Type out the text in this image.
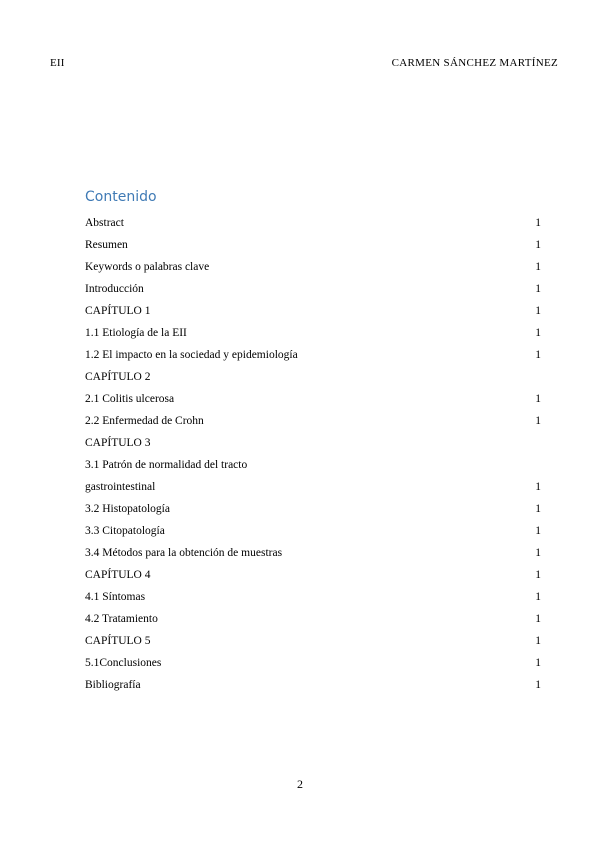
EII	CARMEN SÁNCHEZ MARTÍNEZ
Contenido
Abstract	1
Resumen	1
Keywords o palabras clave	1
Introducción	1
CAPÍTULO 1	1
1.1 Etiología de la EII	1
1.2 El impacto en la sociedad y epidemiología	1
CAPÍTULO 2
2.1 Colitis ulcerosa	1
2.2 Enfermedad de Crohn	1
CAPÍTULO 3
3.1 Patrón de normalidad del tracto
gastrointestinal	1
3.2 Histopatología	1
3.3 Citopatología	1
3.4 Métodos para la obtención de muestras	1
CAPÍTULO 4	1
4.1 Síntomas	1
4.2 Tratamiento	1
CAPÍTULO 5	1
5.1Conclusiones	1
Bibliografía	1
2
